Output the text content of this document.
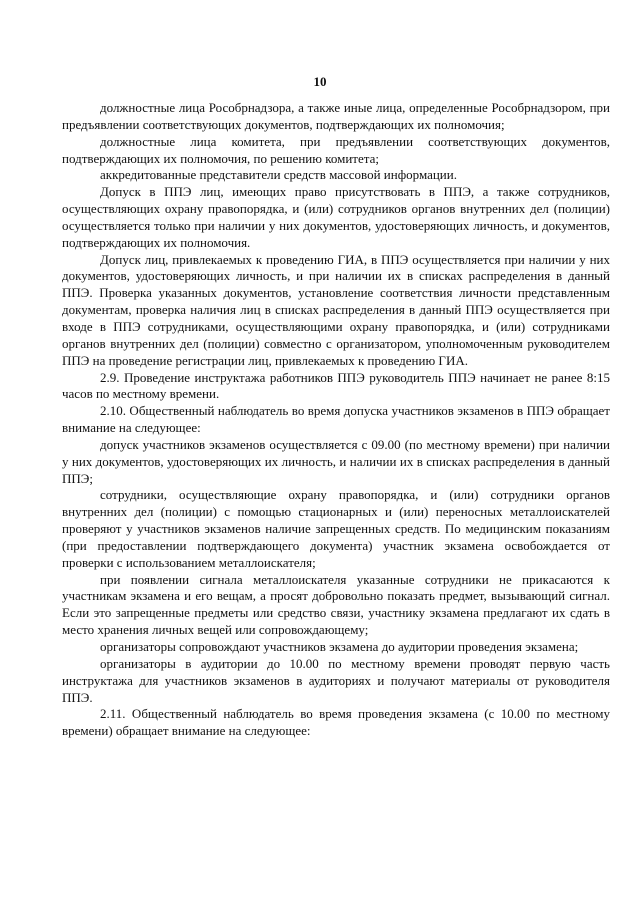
10

должностные лица Рособрнадзора, а также иные лица, определенные Рособрнадзором, при предъявлении соответствующих документов, подтверждающих их полномочия;

должностные лица комитета, при предъявлении соответствующих документов, подтверждающих их полномочия, по решению комитета;

аккредитованные представители средств массовой информации.

Допуск в ППЭ лиц, имеющих право присутствовать в ППЭ, а также сотрудников, осуществляющих охрану правопорядка, и (или) сотрудников органов внутренних дел (полиции) осуществляется только при наличии у них документов, удостоверяющих личность, и документов, подтверждающих их полномочия.

Допуск лиц, привлекаемых к проведению ГИА, в ППЭ осуществляется при наличии у них документов, удостоверяющих личность, и при наличии их в списках распределения в данный ППЭ. Проверка указанных документов, установление соответствия личности представленным документам, проверка наличия лиц в списках распределения в данный ППЭ осуществляется при входе в ППЭ сотрудниками, осуществляющими охрану правопорядка, и (или) сотрудниками органов внутренних дел (полиции) совместно с организатором, уполномоченным руководителем ППЭ на проведение регистрации лиц, привлекаемых к проведению ГИА.

2.9. Проведение инструктажа работников ППЭ руководитель ППЭ начинает не ранее 8:15 часов по местному времени.

2.10. Общественный наблюдатель во время допуска участников экзаменов в ППЭ обращает внимание на следующее:

допуск участников экзаменов осуществляется с 09.00 (по местному времени) при наличии у них документов, удостоверяющих их личность, и наличии их в списках распределения в данный ППЭ;

сотрудники, осуществляющие охрану правопорядка, и (или) сотрудники органов внутренних дел (полиции) с помощью стационарных и (или) переносных металлоискателей проверяют у участников экзаменов наличие запрещенных средств. По медицинским показаниям (при предоставлении подтверждающего документа) участник экзамена освобождается от проверки с использованием металлоискателя;

при появлении сигнала металлоискателя указанные сотрудники не прикасаются к участникам экзамена и его вещам, а просят добровольно показать предмет, вызывающий сигнал. Если это запрещенные предметы или средство связи, участнику экзамена предлагают их сдать в место хранения личных вещей или сопровождающему;

организаторы сопровождают участников экзамена до аудитории проведения экзамена;

организаторы в аудитории до 10.00 по местному времени проводят первую часть инструктажа для участников экзаменов в аудиториях и получают материалы от руководителя ППЭ.

2.11. Общественный наблюдатель во время проведения экзамена (с 10.00 по местному времени) обращает внимание на следующее:
